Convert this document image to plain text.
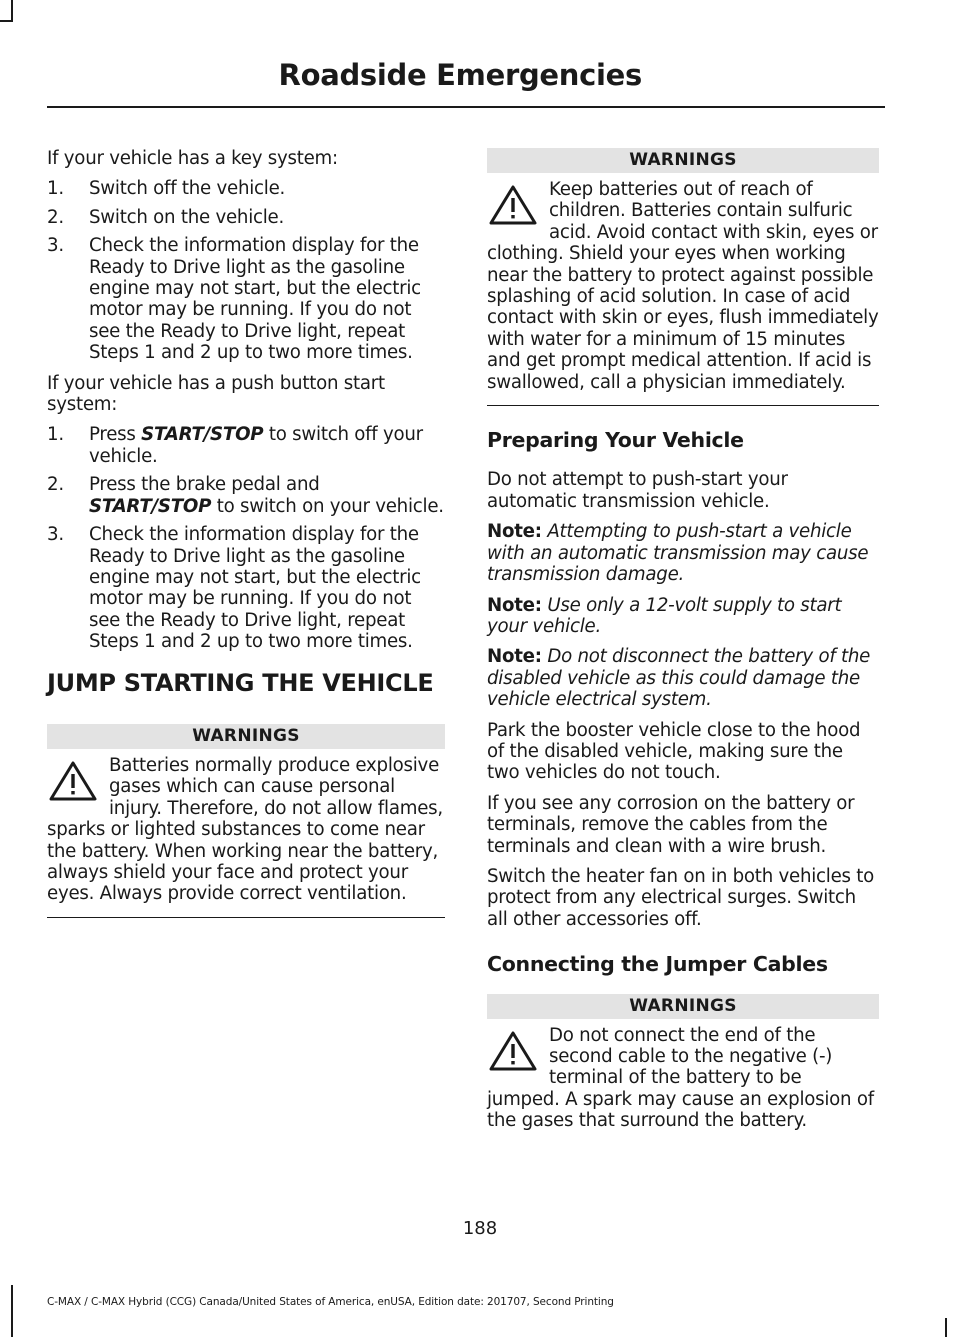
Roadside Emergencies

If your vehicle has a key system:

1. Switch off the vehicle.
2. Switch on the vehicle.
3. Check the information display for the Ready to Drive light as the gasoline engine may not start, but the electric motor may be running. If you do not see the Ready to Drive light, repeat Steps 1 and 2 up to two more times.

If your vehicle has a push button start system:

1. Press START/STOP to switch off your vehicle.
2. Press the brake pedal and START/STOP to switch on your vehicle.
3. Check the information display for the Ready to Drive light as the gasoline engine may not start, but the electric motor may be running. If you do not see the Ready to Drive light, repeat Steps 1 and 2 up to two more times.
JUMP STARTING THE VEHICLE
WARNINGS
Batteries normally produce explosive gases which can cause personal injury. Therefore, do not allow flames, sparks or lighted substances to come near the battery. When working near the battery, always shield your face and protect your eyes. Always provide correct ventilation.
WARNINGS
Keep batteries out of reach of children. Batteries contain sulfuric acid. Avoid contact with skin, eyes or clothing. Shield your eyes when working near the battery to protect against possible splashing of acid solution. In case of acid contact with skin or eyes, flush immediately with water for a minimum of 15 minutes and get prompt medical attention. If acid is swallowed, call a physician immediately.
Preparing Your Vehicle

Do not attempt to push-start your automatic transmission vehicle.

Note: Attempting to push-start a vehicle with an automatic transmission may cause transmission damage.

Note: Use only a 12-volt supply to start your vehicle.

Note: Do not disconnect the battery of the disabled vehicle as this could damage the vehicle electrical system.

Park the booster vehicle close to the hood of the disabled vehicle, making sure the two vehicles do not touch.

If you see any corrosion on the battery or terminals, remove the cables from the terminals and clean with a wire brush.

Switch the heater fan on in both vehicles to protect from any electrical surges. Switch all other accessories off.

Connecting the Jumper Cables
WARNINGS
Do not connect the end of the second cable to the negative (-) terminal of the battery to be jumped. A spark may cause an explosion of the gases that surround the battery.
188
C-MAX / C-MAX Hybrid (CCG) Canada/United States of America, enUSA, Edition date: 201707, Second Printing
